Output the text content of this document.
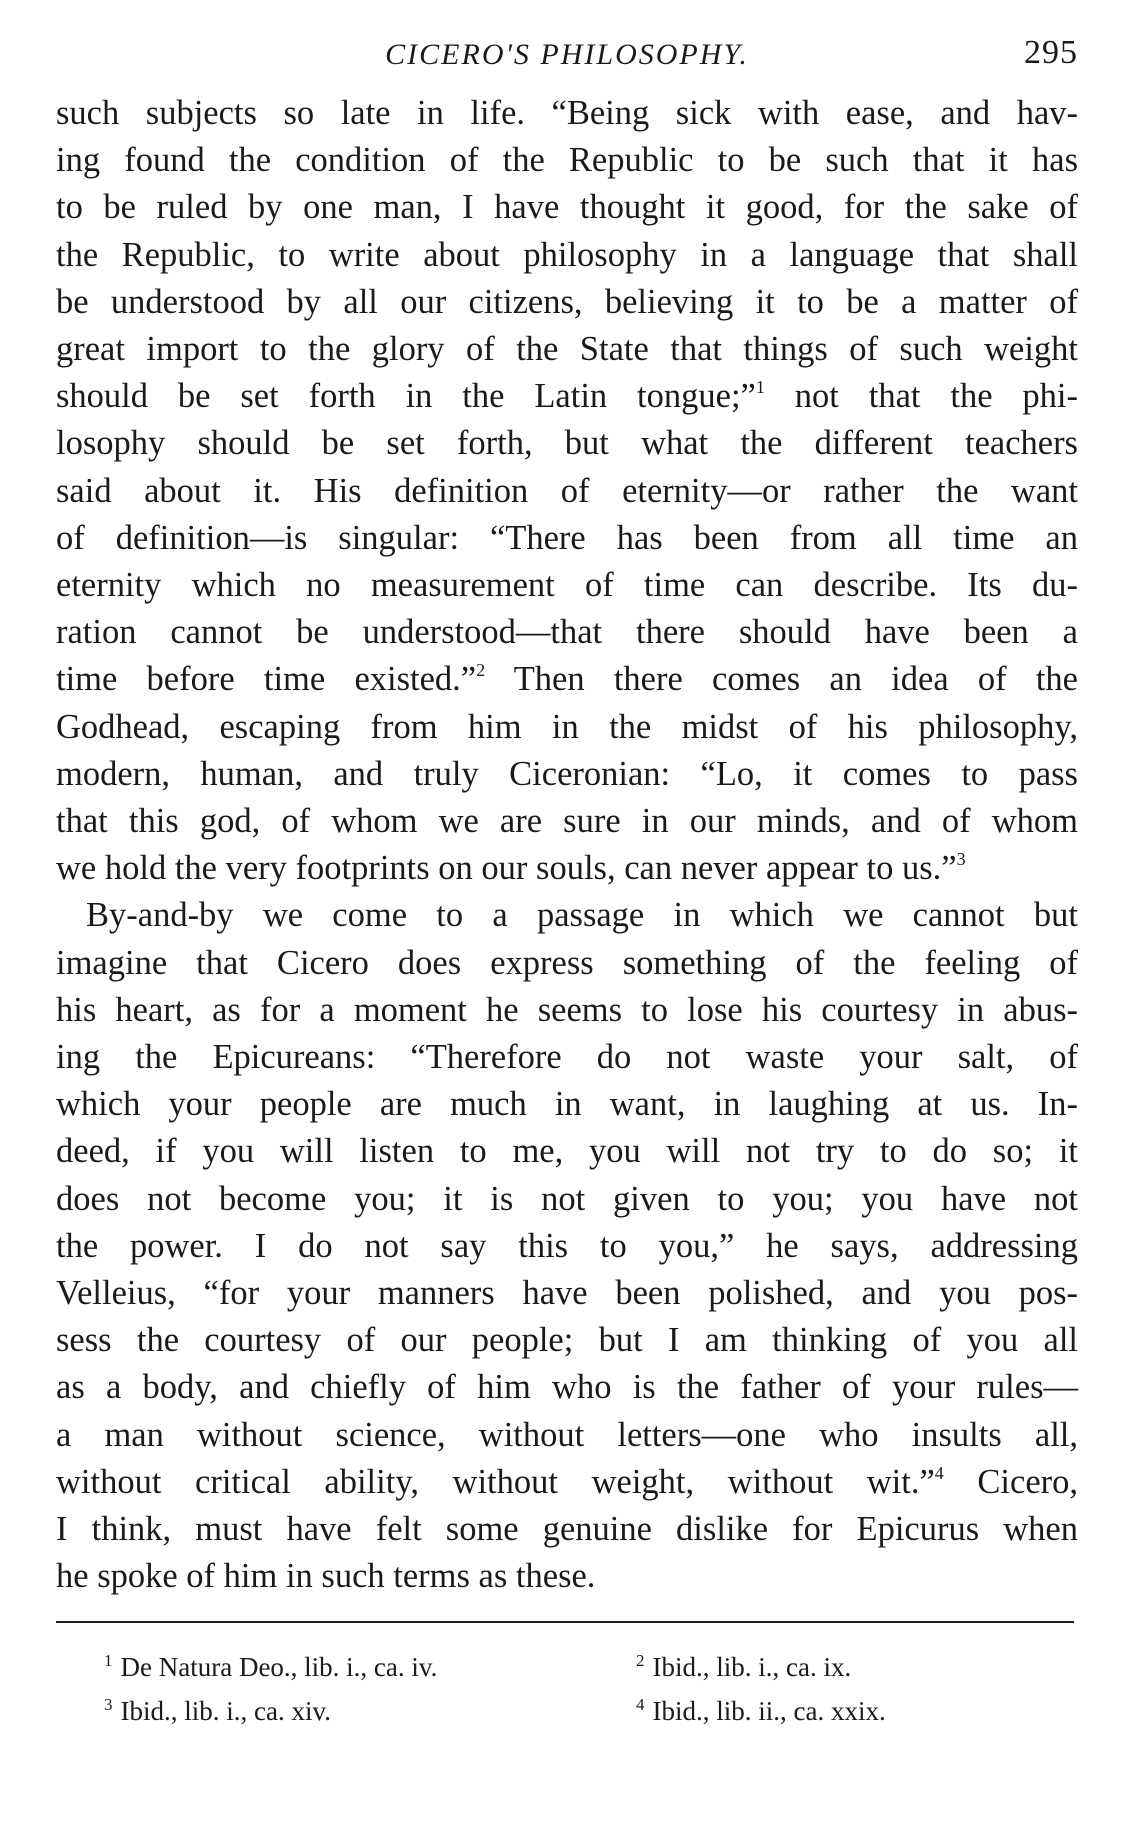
CICERO'S PHILOSOPHY.	295
such subjects so late in life. “Being sick with ease, and hav-
ing found the condition of the Republic to be such that it has
to be ruled by one man, I have thought it good, for the sake of
the Republic, to write about philosophy in a language that shall
be understood by all our citizens, believing it to be a matter of
great import to the glory of the State that things of such weight
should be set forth in the Latin tongue;”$^1$ not that the phi-
losophy should be set forth, but what the different teachers
said about it. His definition of eternity—or rather the want
of definition—is singular: “There has been from all time an
eternity which no measurement of time can describe. Its du-
ration cannot be understood—that there should have been a
time before time existed.”$^2$ Then there comes an idea of the
Godhead, escaping from him in the midst of his philosophy,
modern, human, and truly Ciceronian: “Lo, it comes to pass
that this god, of whom we are sure in our minds, and of whom
we hold the very footprints on our souls, can never appear to us.”$^3$
By-and-by we come to a passage in which we cannot but
imagine that Cicero does express something of the feeling of
his heart, as for a moment he seems to lose his courtesy in abus-
ing the Epicureans: “Therefore do not waste your salt, of
which your people are much in want, in laughing at us. In-
deed, if you will listen to me, you will not try to do so; it
does not become you; it is not given to you; you have not
the power. I do not say this to you,” he says, addressing
Velleius, “for your manners have been polished, and you pos-
sess the courtesy of our people; but I am thinking of you all
as a body, and chiefly of him who is the father of your rules—
a man without science, without letters—one who insults all,
without critical ability, without weight, without wit.”$^4$ Cicero,
I think, must have felt some genuine dislike for Epicurus when
he spoke of him in such terms as these.
$^1$ De Natura Deo., lib. i., ca. iv.	$^2$ Ibid., lib. i., ca. ix.
$^3$ Ibid., lib. i., ca. xiv.	$^4$ Ibid., lib. ii., ca. xxix.
